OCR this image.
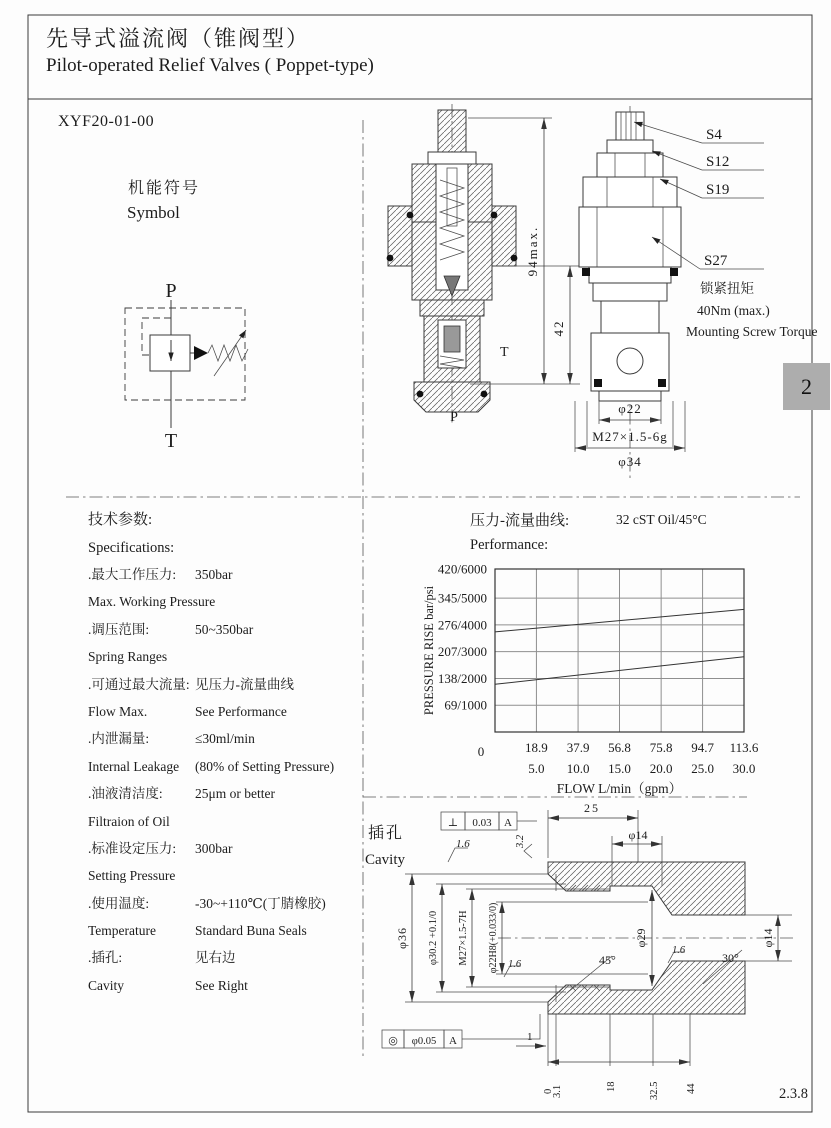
P
T
T
P
94max.
42
S4
S12
S19
S27
锁紧扭矩
40Nm (max.)
Mounting Screw Torque
φ22
M27×1.5-6g
φ34
420/6000
345/5000
276/4000
207/3000
138/2000
69/1000
18.9
5.0
37.9
10.0
56.8
15.0
75.8
20.0
94.7
25.0
113.6
30.0
0
PRESSURE RISE bar/psi
FLOW L/min（gpm）
插孔
Cavity
⊥ 0.03 A
1.6	3.2
25
φ14
φ36 φ30.2 +0.1/0 M27×1.5-7H φ22H8(+0.033/0)	45°
1.6
φ29
1.6
30°
φ14
0
3.1	18	32.5 44
1
◎ φ0.05 A
先导式溢流阀（锥阀型）
Pilot-operated Relief Valves ( Poppet-type)
XYF20-01-00
机能符号
Symbol
压力-流量曲线:	32 cST Oil/45°C
Performance:
技术参数:
Specifications:
.最大工作压力: 350bar
Max. Working Pressure
.调压范围:	50~350bar
Spring Ranges
.可通过最大流量: 见压力-流量曲线
Flow Max.	See Performance
.内泄漏量:	≤30ml/min
Internal Leakage (80% of Setting Pressure)
.油液清洁度: 25μm or better
Filtraion of Oil
.标准设定压力: 300bar
Setting Pressure
.使用温度:	-30~+110℃(丁腈橡胶)
Temperature	Standard Buna Seals
.插孔:	见右边
Cavity	See Right
2
2.3.8
